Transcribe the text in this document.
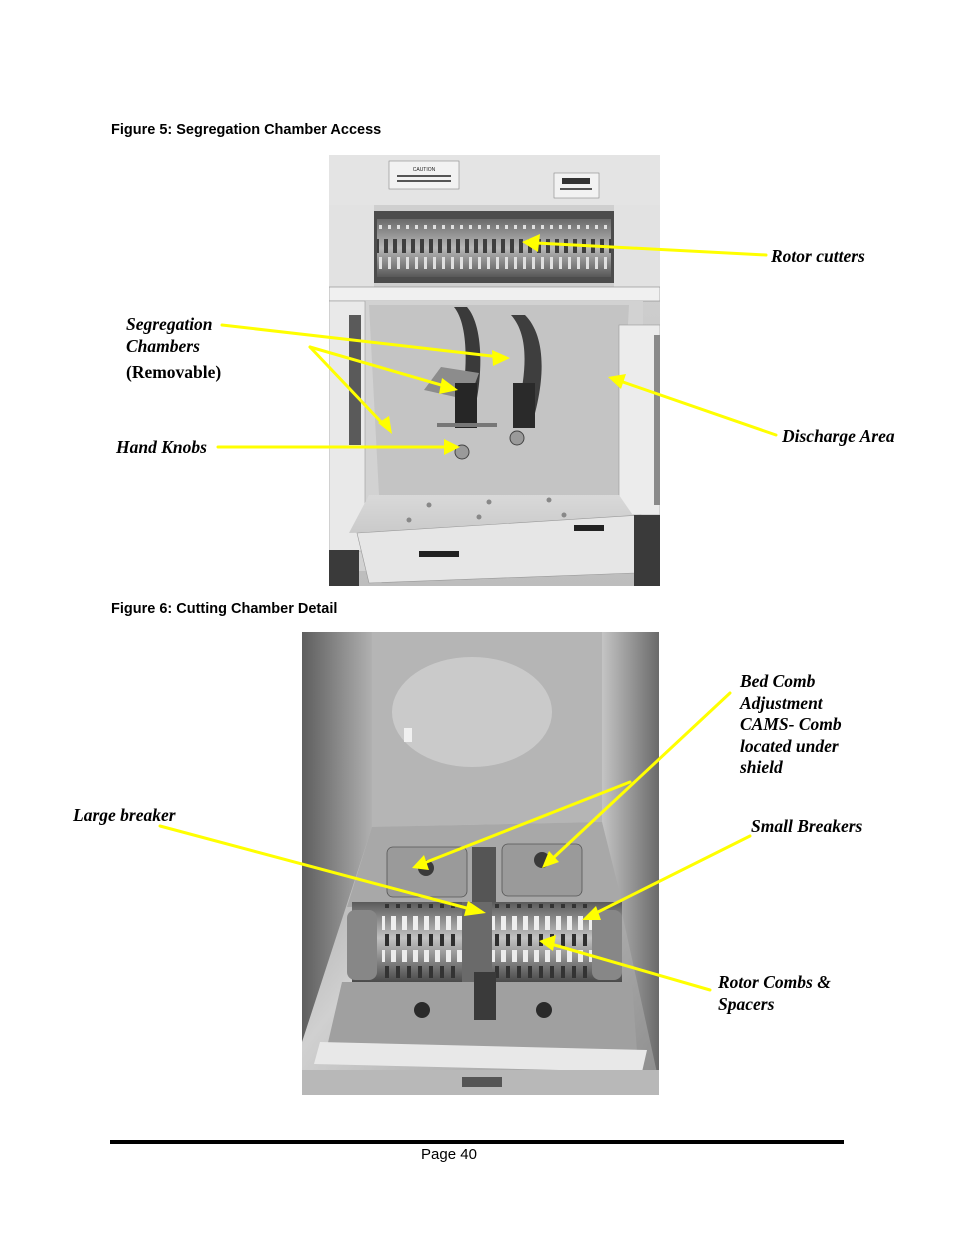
Figure 5: Segregation Chamber Access
CAUTION
Rotor cutters
Segregation
Chambers
(Removable)
Hand Knobs
Discharge Area
Figure 6: Cutting Chamber Detail
Bed Comb
Adjustment
CAMS- Comb
located under
shield
Large breaker
Small Breakers
Rotor Combs &
Spacers
Page 40
